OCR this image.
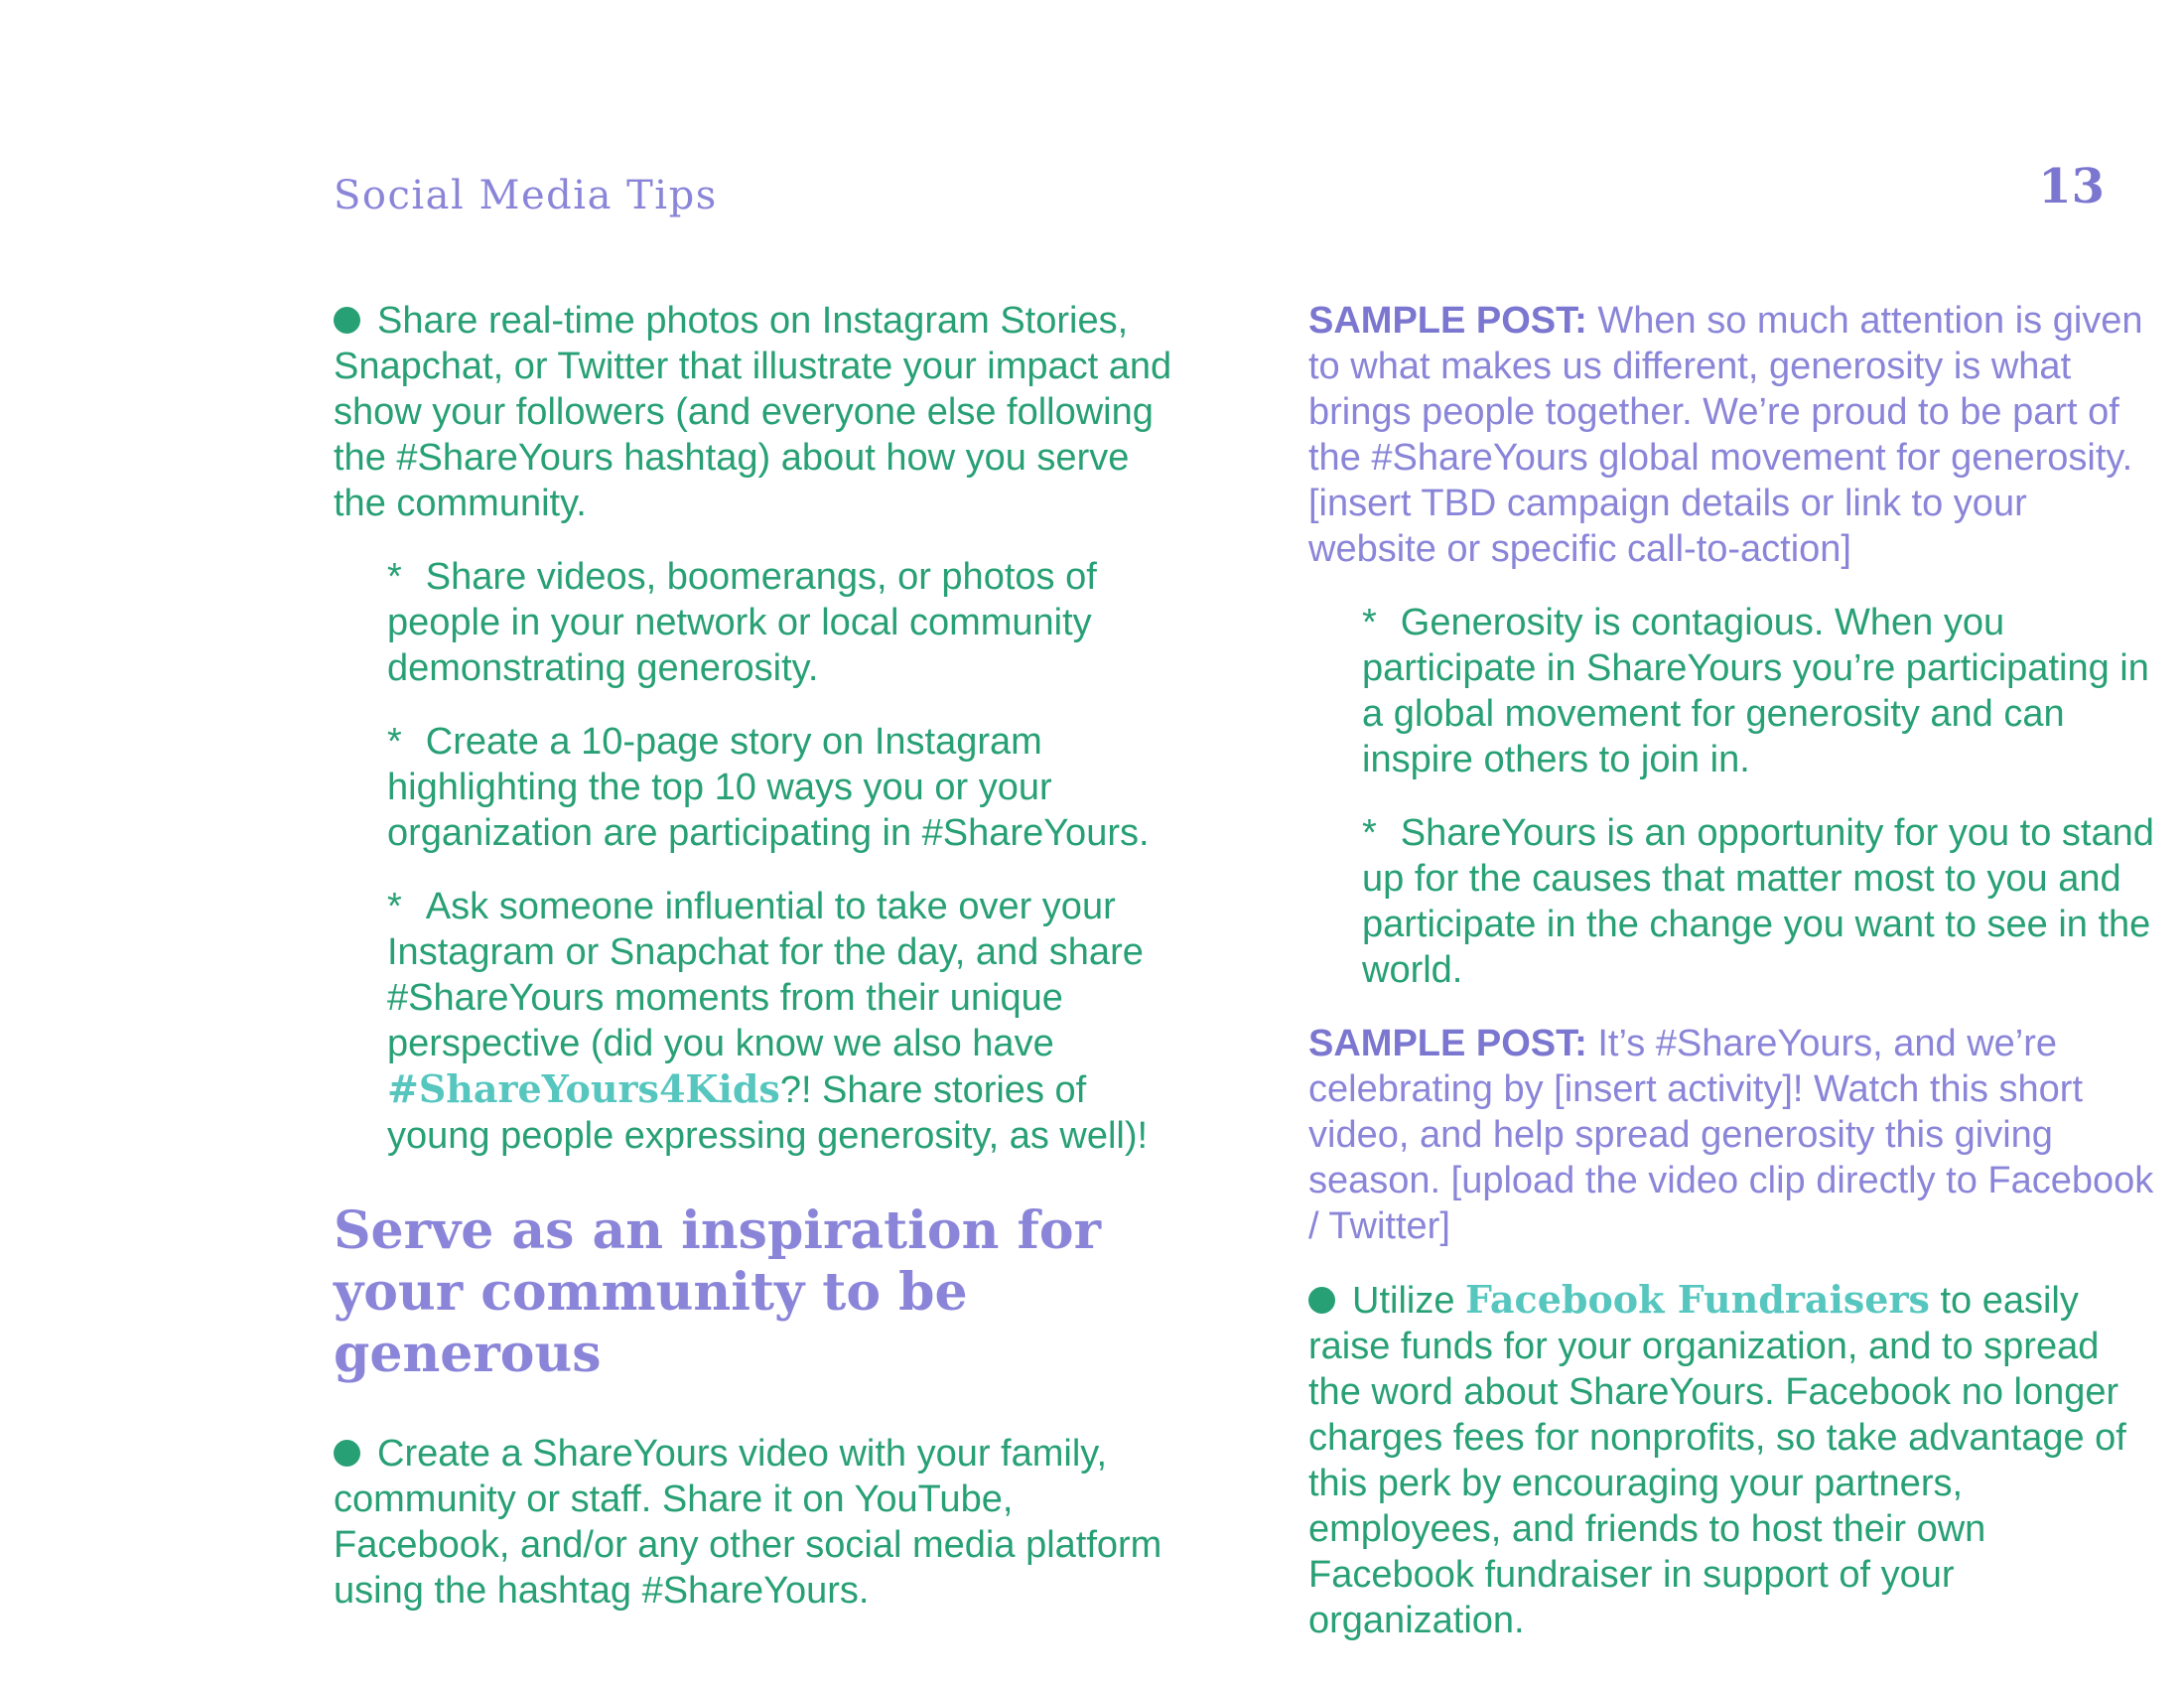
Social Media Tips	13

Share real-time photos on Instagram Stories, Snapchat, or Twitter that illustrate your impact and show your followers (and everyone else following the #ShareYours hashtag) about how you serve the community.

* Share videos, boomerangs, or photos of people in your network or local community demonstrating generosity.

* Create a 10-page story on Instagram highlighting the top 10 ways you or your organization are participating in #ShareYours.

* Ask someone influential to take over your Instagram or Snapchat for the day, and share #ShareYours moments from their unique perspective (did you know we also have #ShareYours4Kids?! Share stories of young people expressing generosity, as well)!

Serve as an inspiration for your community to be generous

Create a ShareYours video with your family, community or staff. Share it on YouTube, Facebook, and/or any other social media platform using the hashtag #ShareYours.

SAMPLE POST: When so much attention is given to what makes us different, generosity is what brings people together. We’re proud to be part of the #ShareYours global movement for generosity. [insert TBD campaign details or link to your website or specific call-to-action]

* Generosity is contagious. When you participate in ShareYours you’re participating in a global movement for generosity and can inspire others to join in.

* ShareYours is an opportunity for you to stand up for the causes that matter most to you and participate in the change you want to see in the world.

SAMPLE POST: It’s #ShareYours, and we’re celebrating by [insert activity]! Watch this short video, and help spread generosity this giving season. [upload the video clip directly to Facebook / Twitter]

Utilize Facebook Fundraisers to easily raise funds for your organization, and to spread the word about ShareYours. Facebook no longer charges fees for nonprofits, so take advantage of this perk by encouraging your partners, employees, and friends to host their own Facebook fundraiser in support of your organization.
